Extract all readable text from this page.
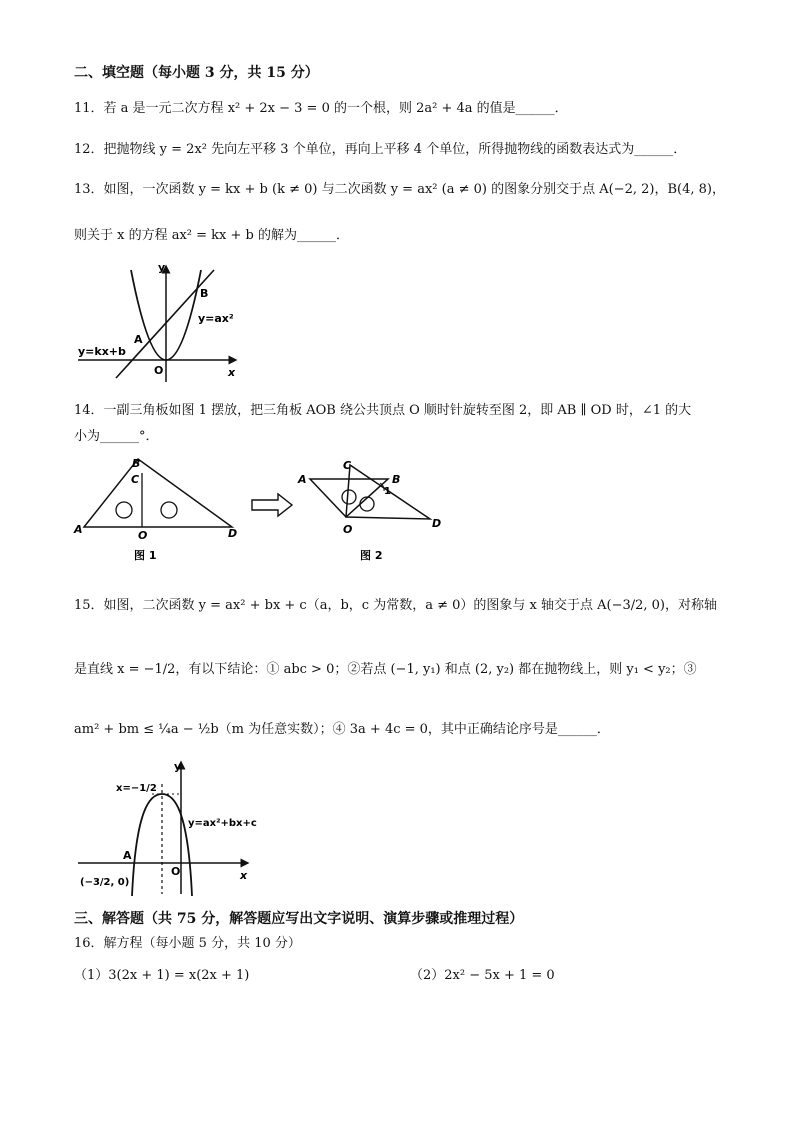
二、填空题（每小题 3 分，共 15 分）
11．若 a 是一元二次方程 x² + 2x − 3 = 0 的一个根，则 2a² + 4a 的值是______．
12．把抛物线 y = 2x² 先向左平移 3 个单位，再向上平移 4 个单位，所得抛物线的函数表达式为______．
13．如图，一次函数 y = kx + b (k ≠ 0) 与二次函数 y = ax² (a ≠ 0) 的图象分别交于点 A(−2, 2)，B(4, 8)，
则关于 x 的方程 ax² = kx + b 的解为______．
y
x
O
A
B
y=ax²
y=kx+b
14．一副三角板如图 1 摆放，把三角板 AOB 绕公共顶点 O 顺时针旋转至图 2，即 AB ∥ OD 时，∠1 的大
小为______°．
B
C
A	O	D
图 1
A
C
B
1
O	D
图 2
15．如图，二次函数 y = ax² + bx + c（a，b，c 为常数，a ≠ 0）的图象与 x 轴交于点 A(−3/2, 0)，对称轴
是直线 x = −1/2，有以下结论：① abc > 0；②若点 (−1, y₁) 和点 (2, y₂) 都在抛物线上，则 y₁ < y₂；③
am² + bm ≤ ¼a − ½b（m 为任意实数）；④ 3a + 4c = 0，其中正确结论序号是______．
y
x
O
A
(−3/2, 0)
x=−1/2
y=ax²+bx+c
三、解答题（共 75 分，解答题应写出文字说明、演算步骤或推理过程）
16．解方程（每小题 5 分，共 10 分）
（1）3(2x + 1) = x(2x + 1)	（2）2x² − 5x + 1 = 0
